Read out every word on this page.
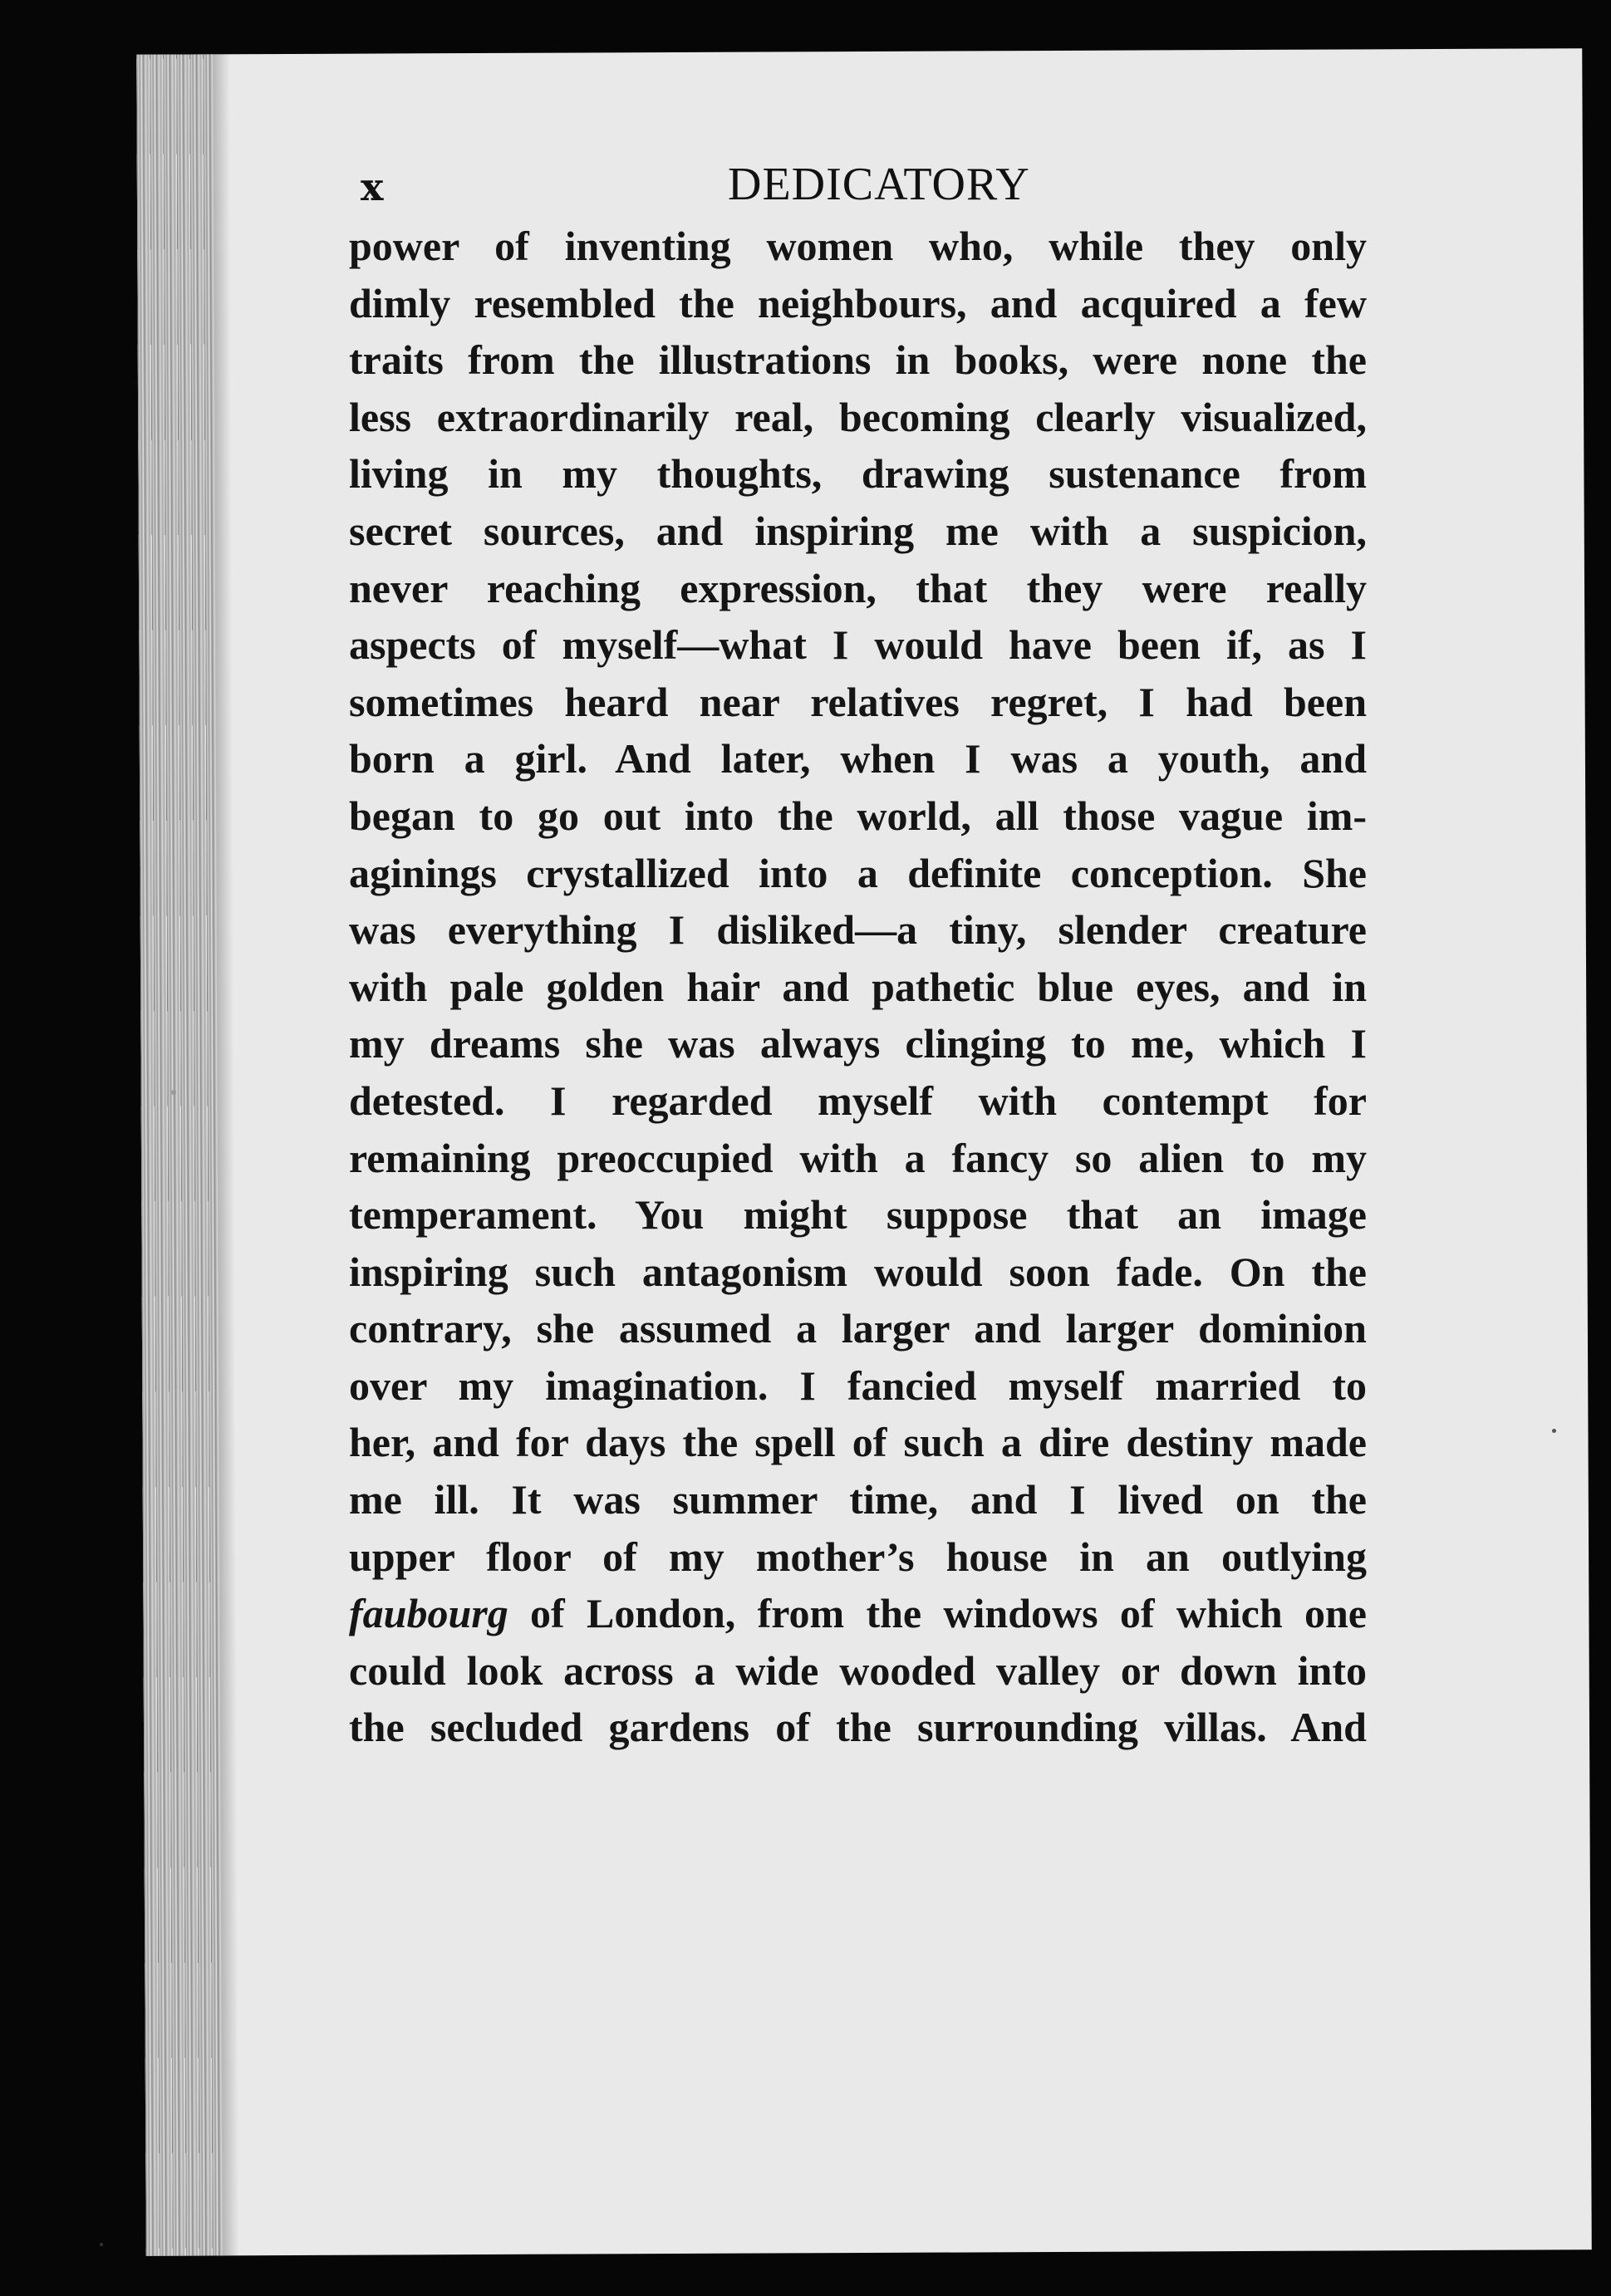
x	DEDICATORY
power of inventing women who, while they only
dimly resembled the neighbours, and acquired a few
traits from the illustrations in books, were none the
less extraordinarily real, becoming clearly visualized,
living in my thoughts, drawing sustenance from
secret sources, and inspiring me with a suspicion,
never reaching expression, that they were really
aspects of myself—what I would have been if, as I
sometimes heard near relatives regret, I had been
born a girl. And later, when I was a youth, and
began to go out into the world, all those vague im-
aginings crystallized into a definite conception. She
was everything I disliked—a tiny, slender creature
with pale golden hair and pathetic blue eyes, and in
my dreams she was always clinging to me, which I
detested. I regarded myself with contempt for
remaining preoccupied with a fancy so alien to my
temperament. You might suppose that an image
inspiring such antagonism would soon fade. On the
contrary, she assumed a larger and larger dominion
over my imagination. I fancied myself married to
her, and for days the spell of such a dire destiny made
me ill. It was summer time, and I lived on the
upper floor of my mother’s house in an outlying
faubourg of London, from the windows of which one
could look across a wide wooded valley or down into
the secluded gardens of the surrounding villas. And
